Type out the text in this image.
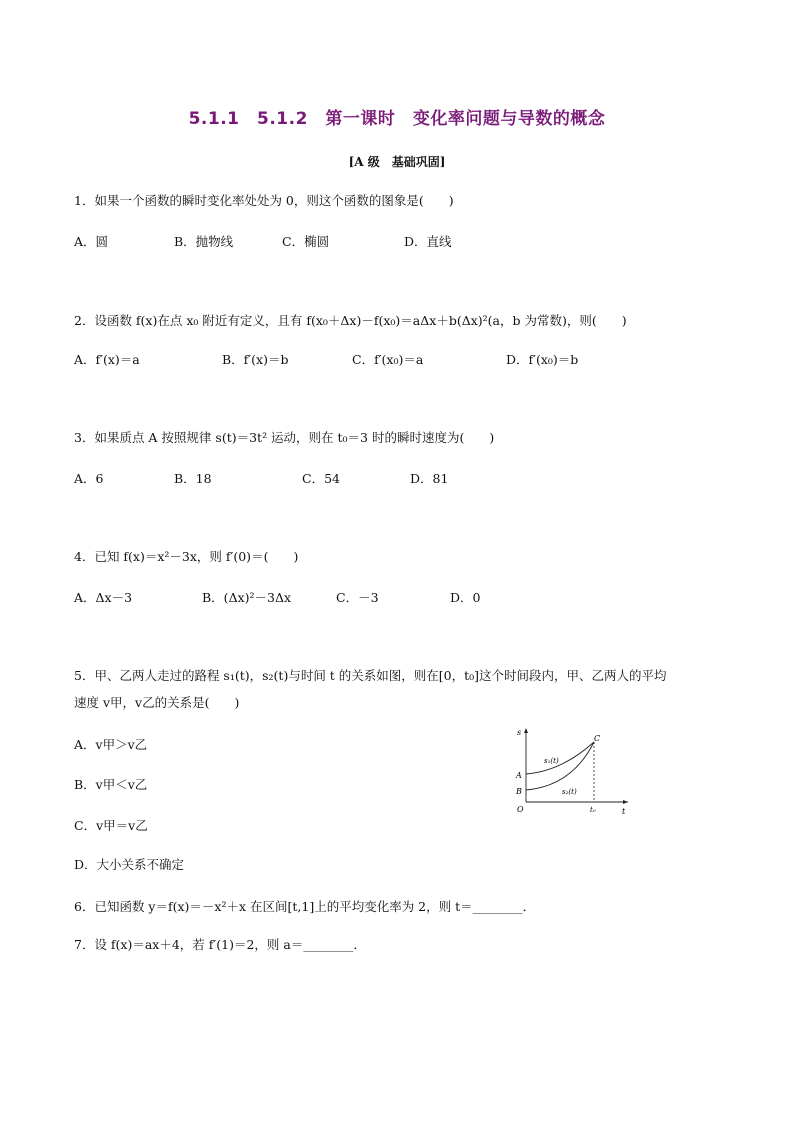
5.1.1　5.1.2　第一课时　变化率问题与导数的概念
[A 级　基础巩固]
1．如果一个函数的瞬时变化率处处为 0，则这个函数的图象是(　　)
A．圆	B．抛物线	C．椭圆	D．直线
2．设函数 f(x)在点 x₀ 附近有定义，且有 f(x₀＋Δx)－f(x₀)＝aΔx＋b(Δx)²(a，b 为常数)，则(　　)
A．f′(x)＝a	B．f′(x)＝b	C．f′(x₀)＝a	D．f′(x₀)＝b
3．如果质点 A 按照规律 s(t)＝3t² 运动，则在 t₀＝3 时的瞬时速度为(　　)
A．6	B．18	C．54	D．81
4．已知 f(x)＝x²－3x，则 f′(0)＝(　　)
A．Δx－3	B．(Δx)²－3Δx	C．－3	D．0
5．甲、乙两人走过的路程 s₁(t)，s₂(t)与时间 t 的关系如图，则在[0，t₀]这个时间段内，甲、乙两人的平均
速度 v甲，v乙的关系是(　　)
A．v甲＞v乙
B．v甲＜v乙
C．v甲＝v乙
D．大小关系不确定
s
t
O
A
B
C
s₁(t)
s₂(t)
t₀
6．已知函数 y＝f(x)＝－x²＋x 在区间[t,1]上的平均变化率为 2，则 t＝________．
7．设 f(x)＝ax＋4，若 f′(1)＝2，则 a＝________．
